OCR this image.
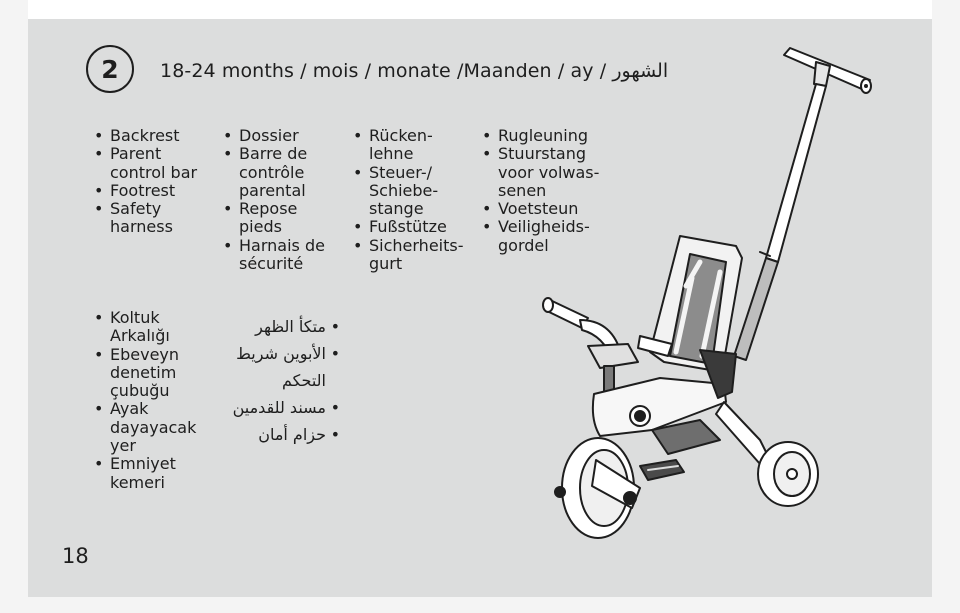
2 18-24 months / mois / monate /Maanden / ay / الشهور
• Backrest
• Parent
control bar
• Footrest
• Safety
harness
• Dossier
• Barre de
contrôle
parental
• Repose
pieds
• Harnais de
sécurité
• Rücken-
lehne
• Steuer-/
Schiebe-
stange
• Fußstütze
• Sicherheits-
gurt
• Rugleuning
• Stuurstang
voor volwas-
senen
• Voetsteun
• Veiligheids-
gordel
• Koltuk
Arkalığı
• Ebeveyn
denetim
çubuğu
• Ayak
dayayacak
yer
• Emniyet
kemeri
• متكأ الظهر
• الأبوين شريط التحكم
• مسند للقدمين
• حزام أمان
18
